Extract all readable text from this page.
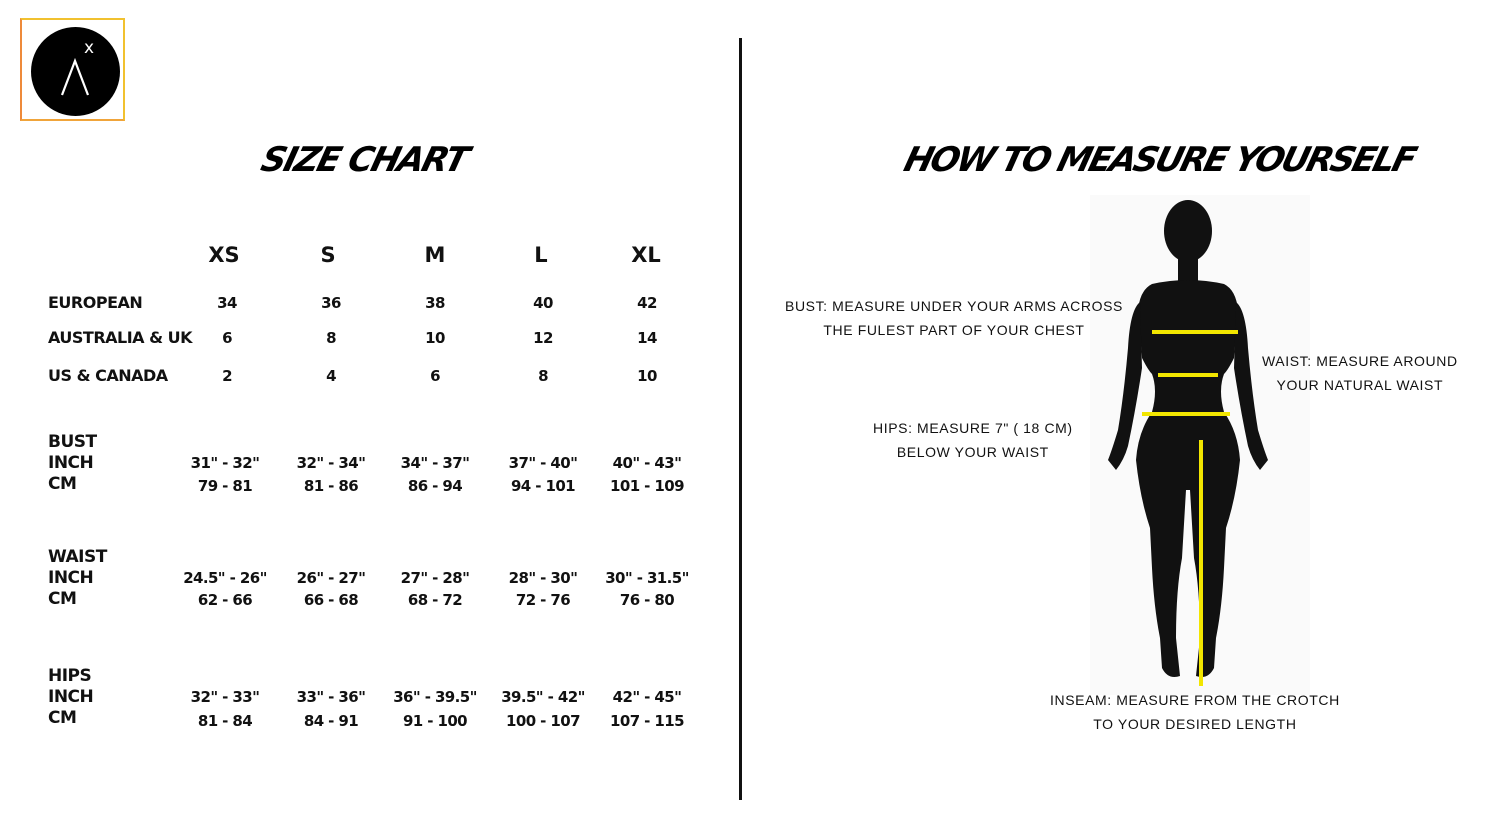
x
SIZE CHART	HOW TO MEASURE YOURSELF
XS	S	M	L	XL
EUROPEAN	34	36	38	40	42
AUSTRALIA & UK	6	8	10	12	14
US & CANADA	2	4	6	8	10
BUST
INCH
CM
31" - 32"	32" - 34"	34" - 37"	37" - 40"	40" - 43"
79 - 81	81 - 86	86 - 94	94 - 101	101 - 109
WAIST
INCH
CM
24.5" - 26"	26" - 27"	27" - 28"	28" - 30"	30" - 31.5"
62 - 66	66 - 68	68 - 72	72 - 76	76 - 80
HIPS
INCH
CM
32" - 33"	33" - 36"	36" - 39.5"	39.5" - 42"	42" - 45"
81 - 84	84 - 91	91 - 100	100 - 107	107 - 115
BUST: MEASURE UNDER YOUR ARMS ACROSS
THE FULEST PART OF YOUR CHEST
WAIST: MEASURE AROUND
YOUR NATURAL WAIST
HIPS: MEASURE 7" ( 18 CM)
BELOW YOUR WAIST
INSEAM: MEASURE FROM THE CROTCH
TO YOUR DESIRED LENGTH
